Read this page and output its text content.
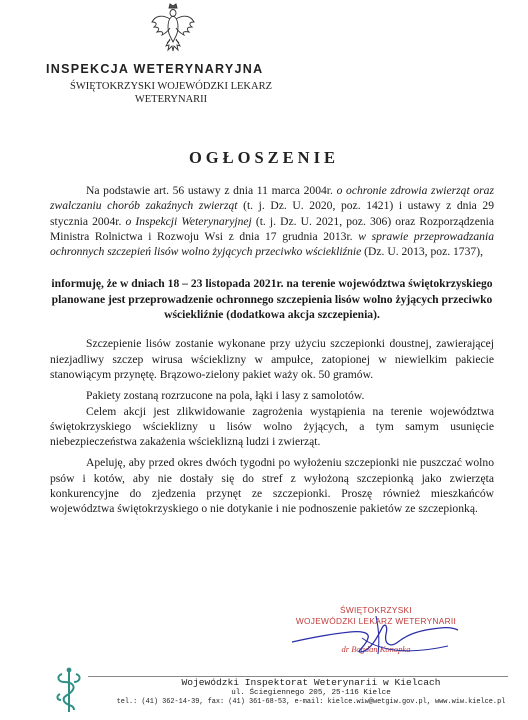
INSPEKCJA WETERYNARYJNA
ŚWIĘTOKRZYSKI WOJEWÓDZKI LEKARZ
WETERYNARII
OGŁOSZENIE

Na podstawie art. 56 ustawy z dnia 11 marca 2004r. o ochronie zdrowia zwierząt oraz zwalczaniu chorób zakaźnych zwierząt (t. j. Dz. U. 2020, poz. 1421) i ustawy z dnia 29 stycznia 2004r. o Inspekcji Weterynaryjnej (t. j. Dz. U. 2021, poz. 306) oraz Rozporządzenia Ministra Rolnictwa i Rozwoju Wsi z dnia 17 grudnia 2013r. w sprawie przeprowadzania ochronnych szczepień lisów wolno żyjących przeciwko wściekliźnie (Dz. U. 2013, poz. 1737),

informuję, że w dniach 18 – 23 listopada 2021r. na terenie województwa świętokrzyskiego planowane jest przeprowadzenie ochronnego szczepienia lisów wolno żyjących przeciwko wściekliźnie (dodatkowa akcja szczepienia).

Szczepienie lisów zostanie wykonane przy użyciu szczepionki doustnej, zawierającej niezjadliwy szczep wirusa wścieklizny w ampułce, zatopionej w niewielkim pakiecie stanowiącym przynętę. Brązowo-zielony pakiet waży ok. 50 gramów.

Pakiety zostaną rozrzucone na pola, łąki i lasy z samolotów.

Celem akcji jest zlikwidowanie zagrożenia wystąpienia na terenie województwa świętokrzyskiego wścieklizny u lisów wolno żyjących, a tym samym usunięcie niebezpieczeństwa zakażenia wścieklizną ludzi i zwierząt.

Apeluję, aby przed okres dwóch tygodni po wyłożeniu szczepionki nie puszczać wolno psów i kotów, aby nie dostały się do stref z wyłożoną szczepionką jako zwierzęta konkurencyjne do zjedzenia przynęt ze szczepionki. Proszę również mieszkańców województwa świętokrzyskiego o nie dotykanie i nie podnoszenie pakietów ze szczepionką.

ŚWIĘTOKRZYSKI
WOJEWÓDZKI LEKARZ WETERYNARII
dr Bogdan Konopka
Wojewódzki Inspektorat Weterynarii w Kielcach
ul. Ściegiennego 205, 25-116 Kielce
tel.: (41) 362-14-39, fax: (41) 361-68-53, e-mail: kielce.wiw@wetgiw.gov.pl, www.wiw.kielce.pl
